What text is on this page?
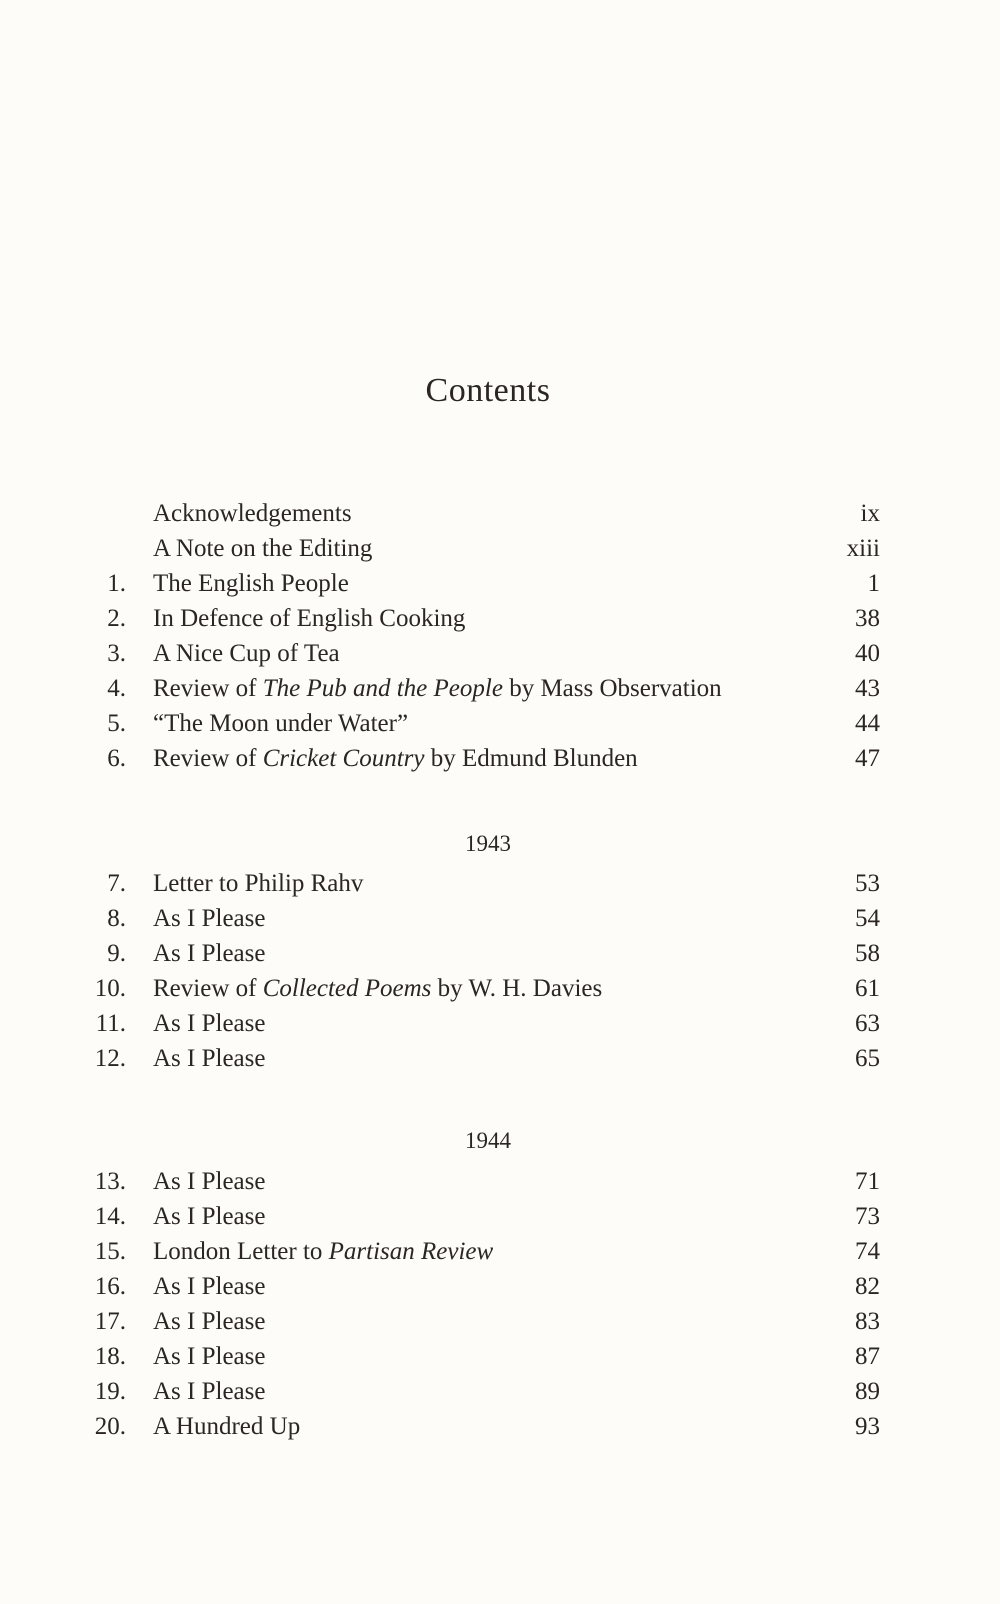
Contents
Acknowledgements	ix
A Note on the Editing	xiii
1. The English People	1
2. In Defence of English Cooking	38
3. A Nice Cup of Tea	40
4. Review of The Pub and the People by Mass Observation	43
5. “The Moon under Water”	44
6. Review of Cricket Country by Edmund Blunden	47
1943
7. Letter to Philip Rahv	53
8. As I Please	54
9. As I Please	58
10. Review of Collected Poems by W. H. Davies	61
11. As I Please	63
12. As I Please	65
1944
13. As I Please	71
14. As I Please	73
15. London Letter to Partisan Review	74
16. As I Please	82
17. As I Please	83
18. As I Please	87
19. As I Please	89
20. A Hundred Up	93
